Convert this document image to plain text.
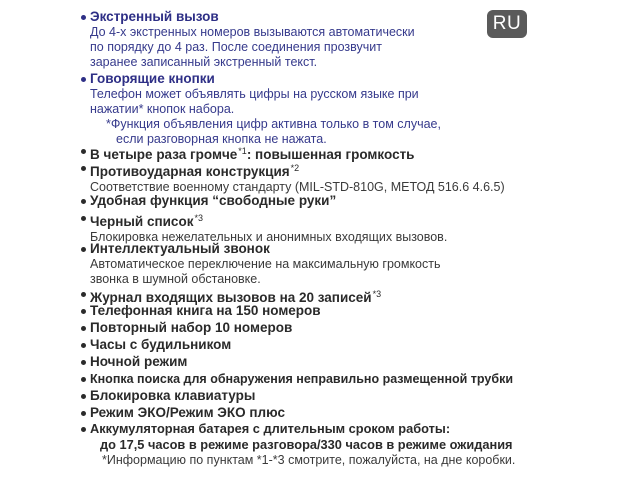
RU
Экстренный вызов
До 4-х экстренных номеров вызываются автоматически
по порядку до 4 раз. После соединения прозвучит
заранее записанный экстренный текст.
Говорящие кнопки
Телефон может объявлять цифры на русском языке при
нажатии* кнопок набора.
*Функция объявления цифр активна только в том случае,
если разговорная кнопка не нажата.
В четыре раза громче$^{*1}$: повышенная громкость
Противоударная конструкция$^{*2}$
Соответствие военному стандарту (MIL-STD-810G, МЕТОД 516.6 4.6.5)
Удобная функция “свободные руки”
Черный список$^{*3}$
Блокировка нежелательных и анонимных входящих вызовов.
Интеллектуальный звонок
Автоматическое переключение на максимальную громкость
звонка в шумной обстановке.
Журнал входящих вызовов на 20 записей$^{*3}$
Телефонная книга на 150 номеров
Повторный набор 10 номеров
Часы с будильником
Ночной режим
Кнопка поиска для обнаружения неправильно размещенной трубки
Блокировка клавиатуры
Режим ЭКО/Режим ЭКО плюс
Аккумуляторная батарея с длительным сроком работы:
до 17,5 часов в режиме разговора/330 часов в режиме ожидания
*Информацию по пунктам *1-*3 смотрите, пожалуйста, на дне коробки.
